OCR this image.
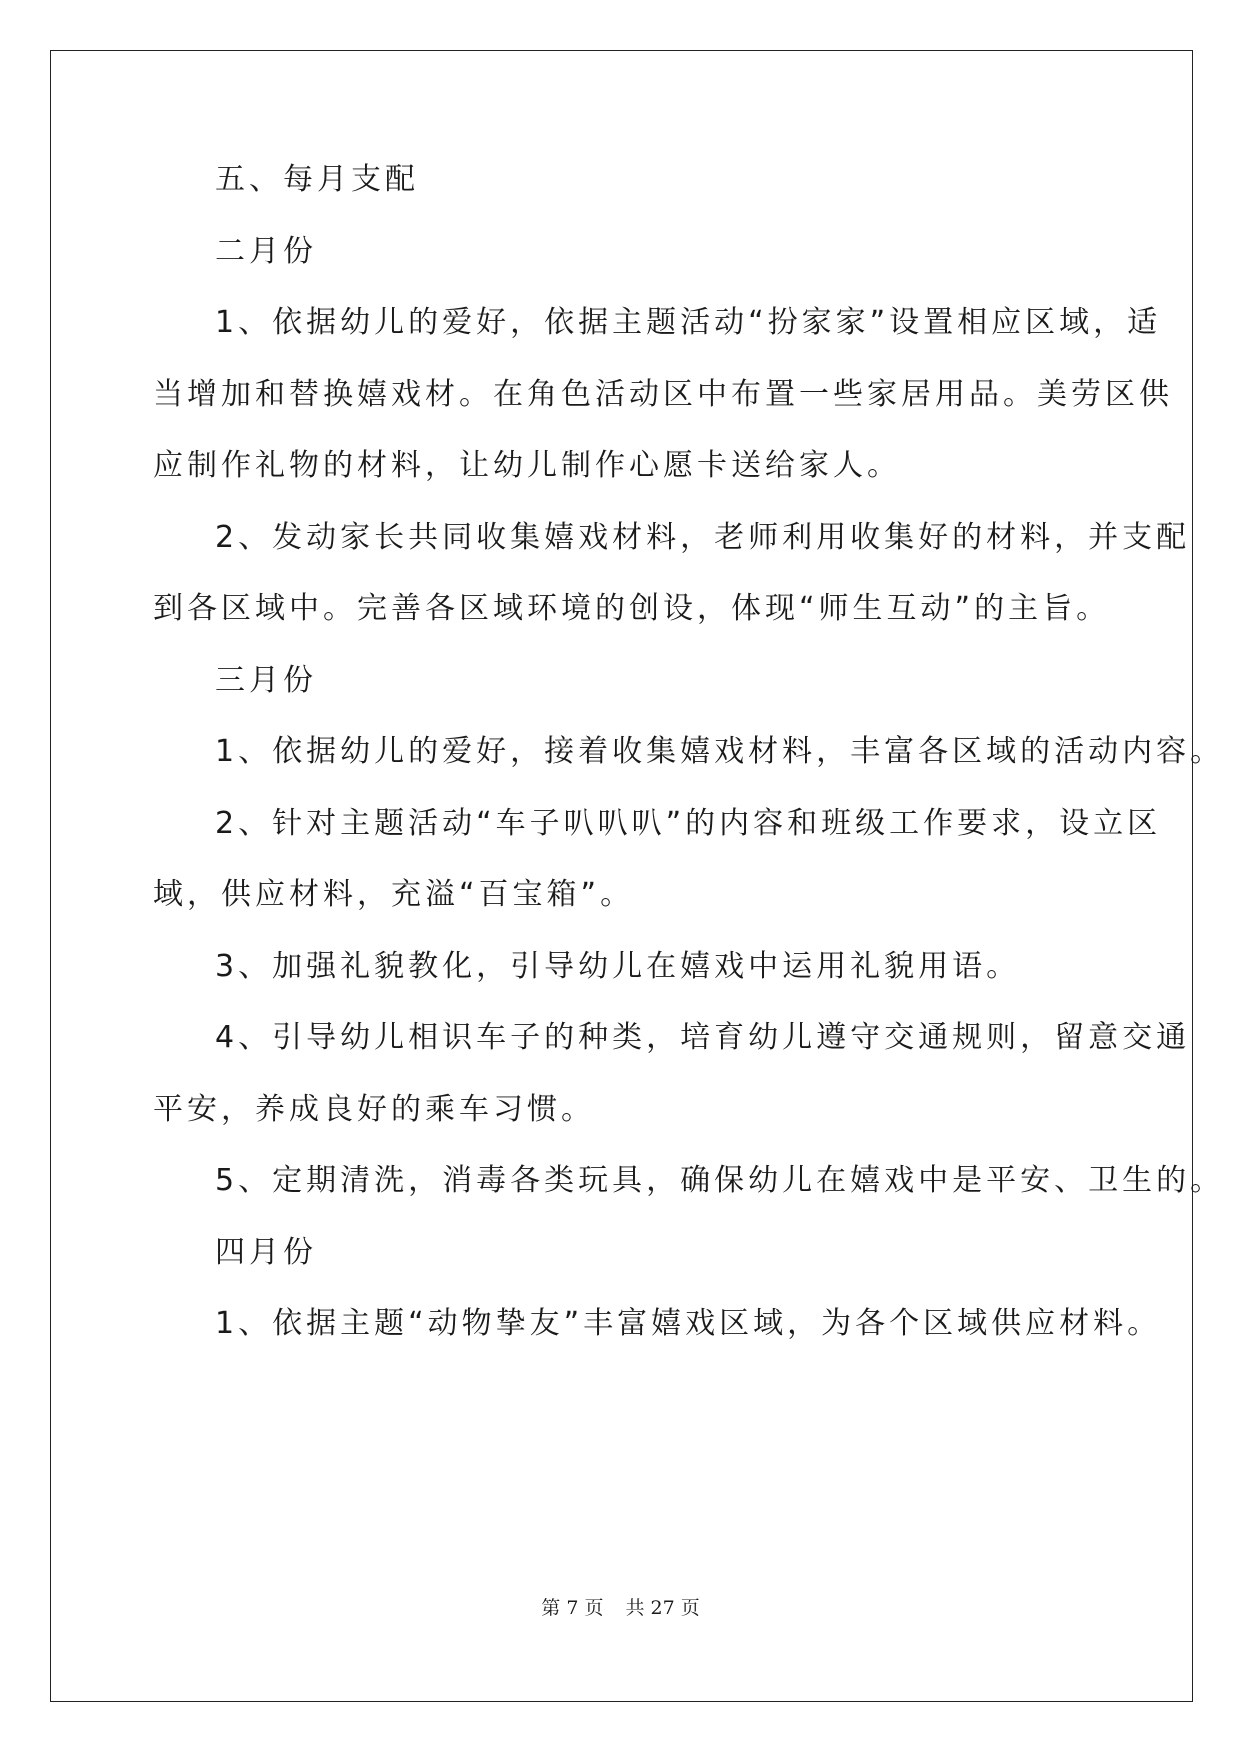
五、每月支配
二月份
1、依据幼儿的爱好，依据主题活动“扮家家”设置相应区域，适
当增加和替换嬉戏材。在角色活动区中布置一些家居用品。美劳区供
应制作礼物的材料，让幼儿制作心愿卡送给家人。
2、发动家长共同收集嬉戏材料，老师利用收集好的材料，并支配
到各区域中。完善各区域环境的创设，体现“师生互动”的主旨。
三月份
1、依据幼儿的爱好，接着收集嬉戏材料，丰富各区域的活动内容。
2、针对主题活动“车子叭叭叭”的内容和班级工作要求，设立区
域，供应材料，充溢“百宝箱”。
3、加强礼貌教化，引导幼儿在嬉戏中运用礼貌用语。
4、引导幼儿相识车子的种类，培育幼儿遵守交通规则，留意交通
平安，养成良好的乘车习惯。
5、定期清洗，消毒各类玩具，确保幼儿在嬉戏中是平安、卫生的。
四月份
1、依据主题“动物挚友”丰富嬉戏区域，为各个区域供应材料。
第 7 页 共 27 页
